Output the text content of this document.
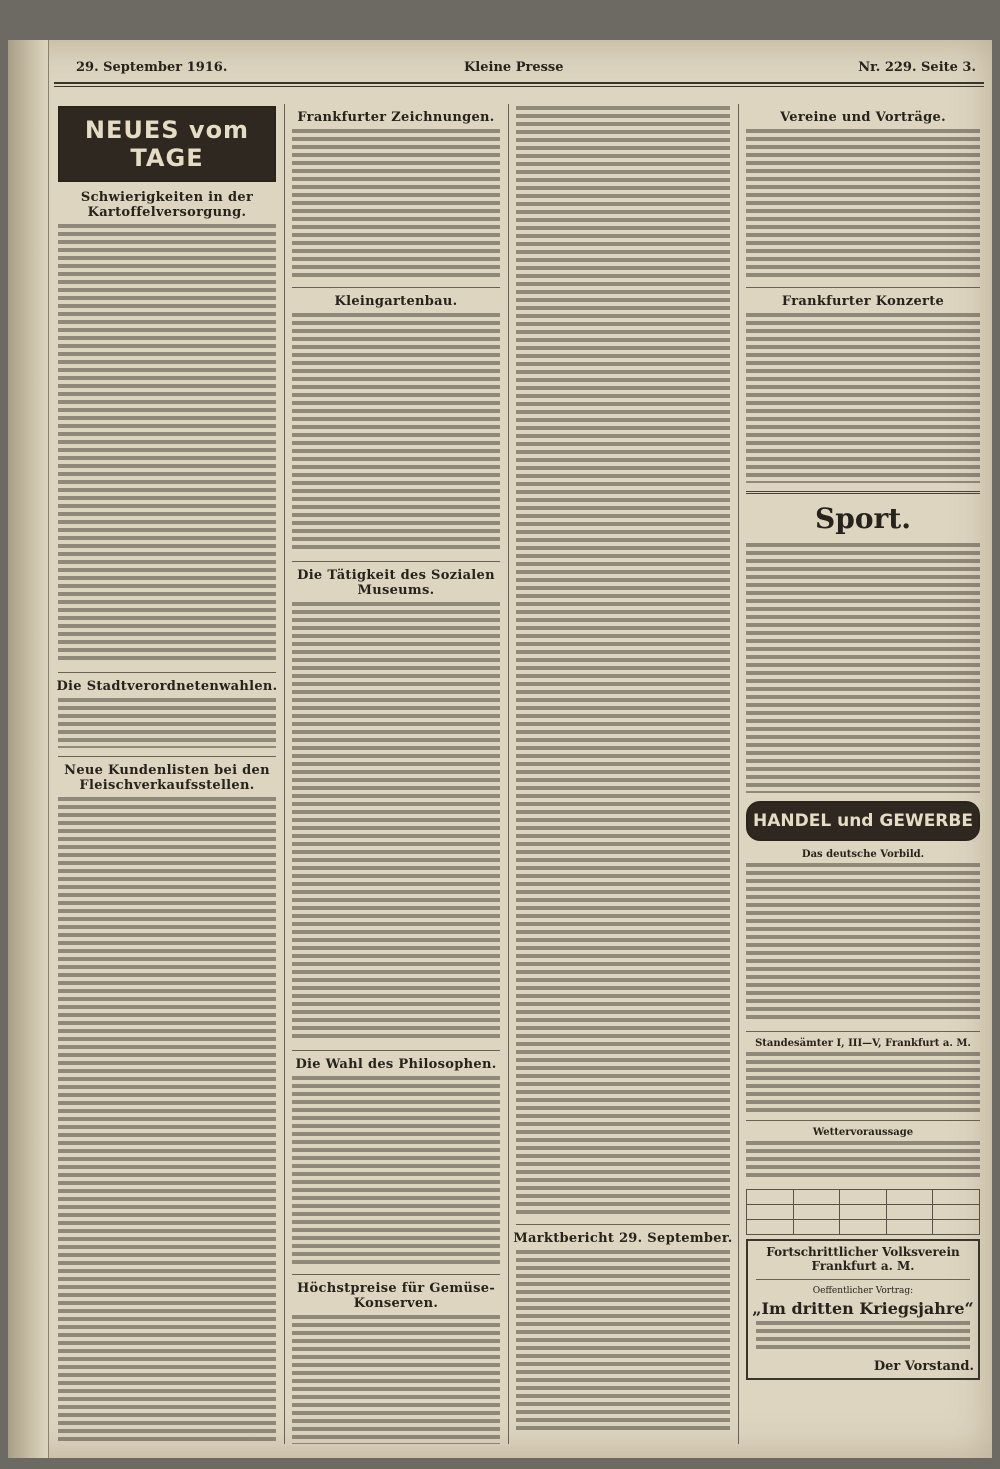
29. September 1916.	Kleine Presse	Nr. 229. Seite 3.
NEUES vom TAGE
Schwierigkeiten in der Kartoffelversorgung.
Die Stadtverordnetenwahlen.
Neue Kundenlisten bei den Fleischverkaufsstellen.
Frankfurter Zeichnungen.
Kleingartenbau.
Die Tätigkeit des Sozialen Museums.
Die Wahl des Philosophen.
Höchstpreise für Gemüse-Konserven.
Marktbericht 29. September.
Vereine und Vorträge.
Frankfurter Konzerte
Sport.
HANDEL und GEWERBE
Das deutsche Vorbild.
Standesämter I, III—V, Frankfurt a. M.
Wettervoraussage

Fortschrittlicher Volksverein Frankfurt a. M.
Oeffentlicher Vortrag:
„Im dritten Kriegsjahre“
Der Vorstand.
